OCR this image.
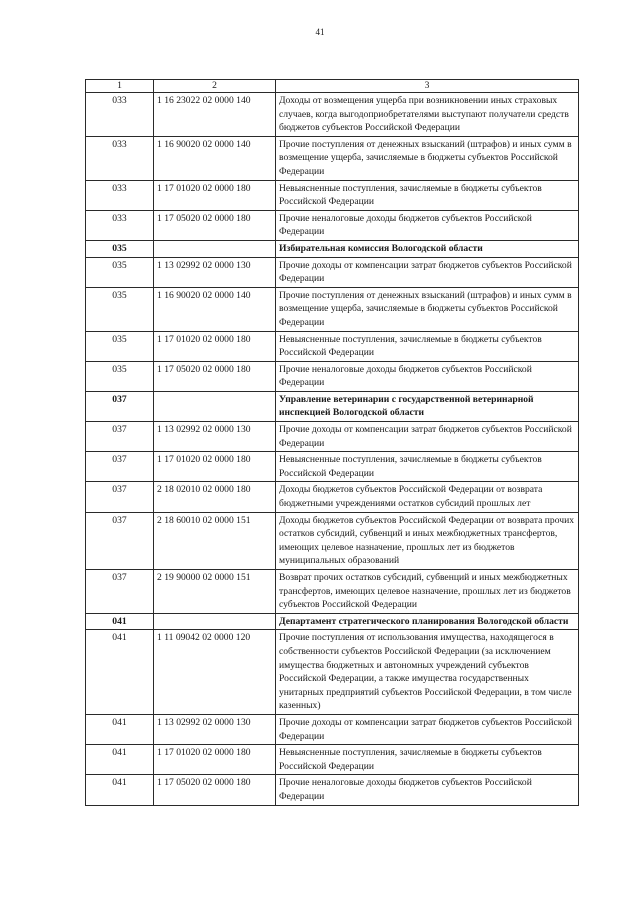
41
1	2	3
033	1 16 23022 02 0000 140	Доходы от возмещения ущерба при возникновении иных страховых случаев, когда выгодоприобретателями выступают получатели средств бюджетов субъектов Российской Федерации
033	1 16 90020 02 0000 140	Прочие поступления от денежных взысканий (штрафов) и иных сумм в возмещение ущерба, зачисляемые в бюджеты субъектов Российской Федерации
033	1 17 01020 02 0000 180	Невыясненные поступления, зачисляемые в бюджеты субъектов Российской Федерации
033	1 17 05020 02 0000 180	Прочие неналоговые доходы бюджетов субъектов Российской Федерации
035		Избирательная комиссия Вологодской области
035	1 13 02992 02 0000 130	Прочие доходы от компенсации затрат бюджетов субъектов Российской Федерации
035	1 16 90020 02 0000 140	Прочие поступления от денежных взысканий (штрафов) и иных сумм в возмещение ущерба, зачисляемые в бюджеты субъектов Российской Федерации
035	1 17 01020 02 0000 180	Невыясненные поступления, зачисляемые в бюджеты субъектов Российской Федерации
035	1 17 05020 02 0000 180	Прочие неналоговые доходы бюджетов субъектов Российской Федерации
037		Управление ветеринарии с государственной ветеринарной инспекцией Вологодской области
037	1 13 02992 02 0000 130	Прочие доходы от компенсации затрат бюджетов субъектов Российской Федерации
037	1 17 01020 02 0000 180	Невыясненные поступления, зачисляемые в бюджеты субъектов Российской Федерации
037	2 18 02010 02 0000 180	Доходы бюджетов субъектов Российской Федерации от возврата бюджетными учреждениями остатков субсидий прошлых лет
037	2 18 60010 02 0000 151	Доходы бюджетов субъектов Российской Федерации от возврата прочих остатков субсидий, субвенций и иных межбюджетных трансфертов, имеющих целевое назначение, прошлых лет из бюджетов муниципальных образований
037	2 19 90000 02 0000 151	Возврат прочих остатков субсидий, субвенций и иных межбюджетных трансфертов, имеющих целевое назначение, прошлых лет из бюджетов субъектов Российской Федерации
041		Департамент стратегического планирования Вологодской области
041	1 11 09042 02 0000 120	Прочие поступления от использования имущества, находящегося в собственности субъектов Российской Федерации (за исключением имущества бюджетных и автономных учреждений субъектов Российской Федерации, а также имущества государственных унитарных предприятий субъектов Российской Федерации, в том числе казенных)
041	1 13 02992 02 0000 130	Прочие доходы от компенсации затрат бюджетов субъектов Российской Федерации
041	1 17 01020 02 0000 180	Невыясненные поступления, зачисляемые в бюджеты субъектов Российской Федерации
041	1 17 05020 02 0000 180	Прочие неналоговые доходы бюджетов субъектов Российской Федерации
